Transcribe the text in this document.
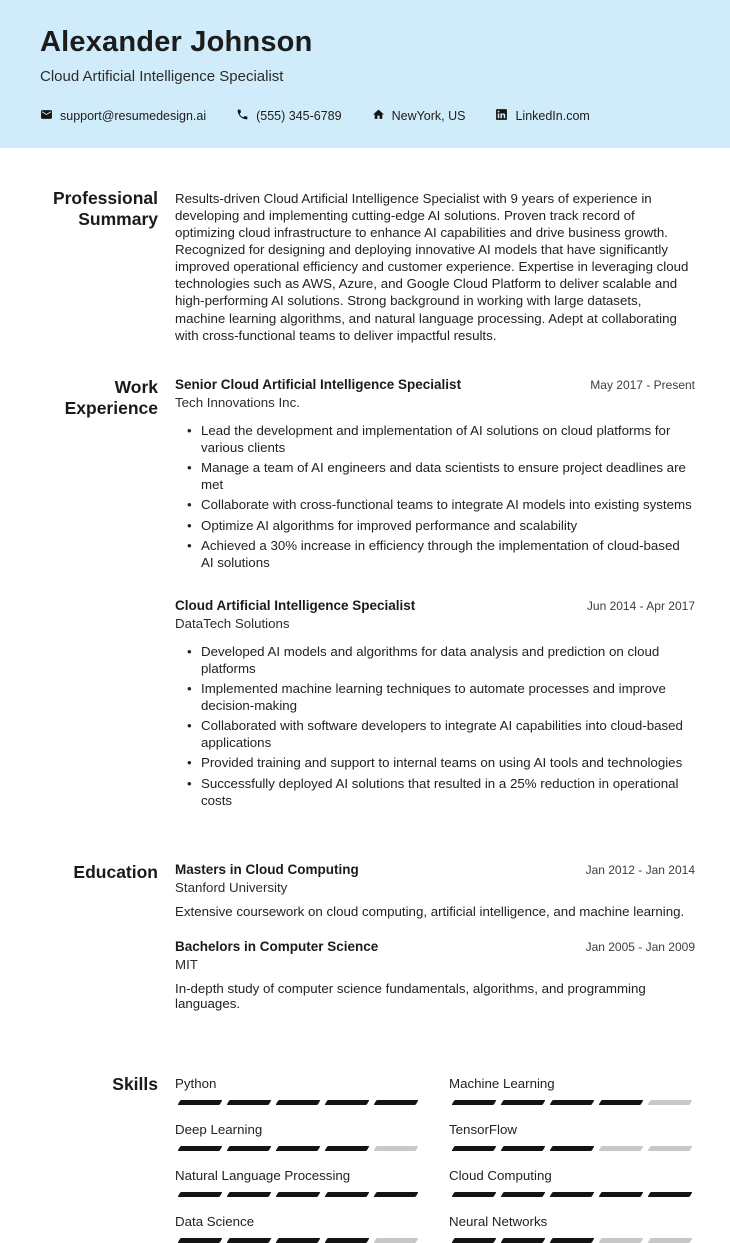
Alexander Johnson
Cloud Artificial Intelligence Specialist
support@resumedesign.ai	(555) 345-6789	NewYork, US	LinkedIn.com
Professional Summary

Results-driven Cloud Artificial Intelligence Specialist with 9 years of experience in developing and implementing cutting-edge AI solutions. Proven track record of optimizing cloud infrastructure to enhance AI capabilities and drive business growth. Recognized for designing and deploying innovative AI models that have significantly improved operational efficiency and customer experience. Expertise in leveraging cloud technologies such as AWS, Azure, and Google Cloud Platform to deliver scalable and high-performing AI solutions. Strong background in working with large datasets, machine learning algorithms, and natural language processing. Adept at collaborating with cross-functional teams to deliver impactful results.

Work Experience
Senior Cloud Artificial Intelligence Specialist	May 2017 - Present
Tech Innovations Inc.
• Lead the development and implementation of AI solutions on cloud platforms for various clients
• Manage a team of AI engineers and data scientists to ensure project deadlines are met
• Collaborate with cross-functional teams to integrate AI models into existing systems
• Optimize AI algorithms for improved performance and scalability
• Achieved a 30% increase in efficiency through the implementation of cloud-based AI solutions
Cloud Artificial Intelligence Specialist	Jun 2014 - Apr 2017
DataTech Solutions
• Developed AI models and algorithms for data analysis and prediction on cloud platforms
• Implemented machine learning techniques to automate processes and improve decision-making
• Collaborated with software developers to integrate AI capabilities into cloud-based applications
• Provided training and support to internal teams on using AI tools and technologies
• Successfully deployed AI solutions that resulted in a 25% reduction in operational costs
Education Masters in Cloud Computing	Jan 2012 - Jan 2014
Stanford University
Extensive coursework on cloud computing, artificial intelligence, and machine learning.
Bachelors in Computer Science	Jan 2005 - Jan 2009
MIT
In-depth study of computer science fundamentals, algorithms, and programming languages.
Skills Python	Machine Learning
Deep Learning	TensorFlow
Natural Language Processing	Cloud Computing
Data Science	Neural Networks
